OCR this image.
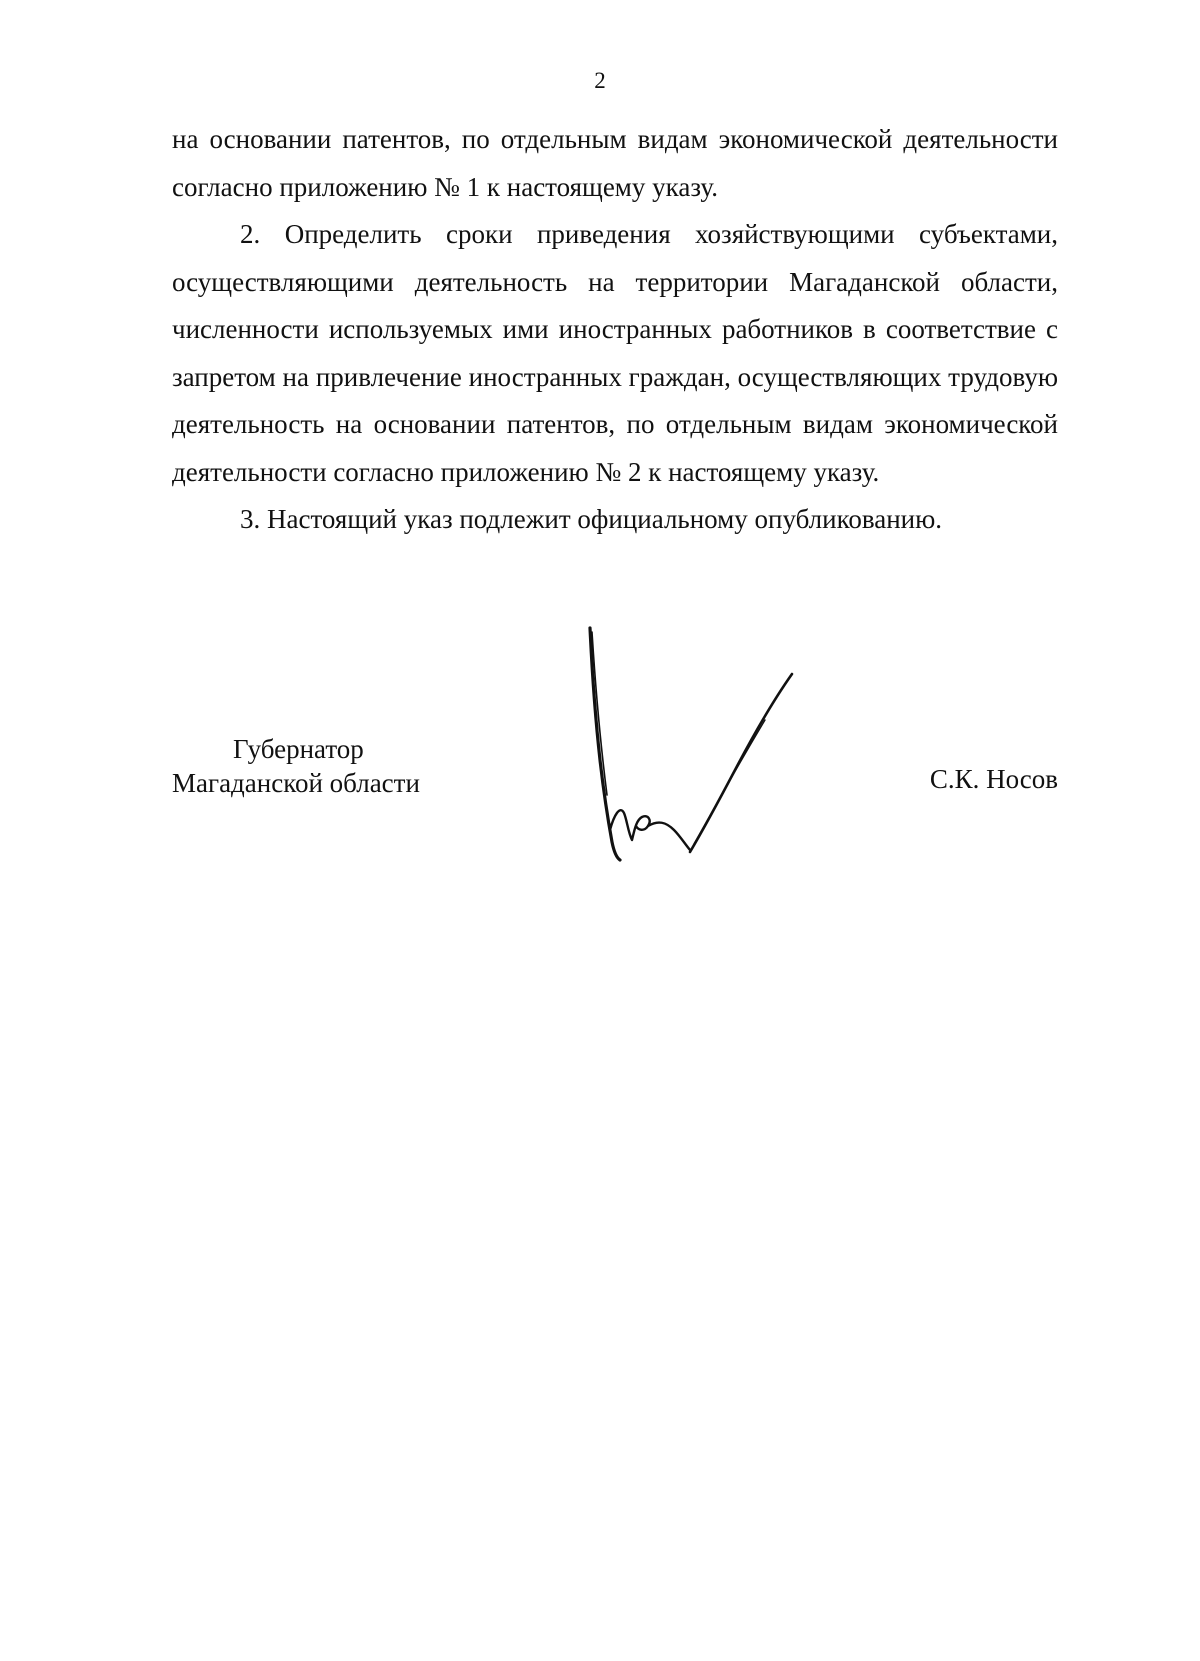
2

на основании патентов, по отдельным видам экономической деятельности согласно приложению № 1 к настоящему указу.

2. Определить сроки приведения хозяйствующими субъектами, осуществляющими деятельность на территории Магаданской области, численности используемых ими иностранных работников в соответствие с запретом на привлечение иностранных граждан, осуществляющих трудовую деятельность на основании патентов, по отдельным видам экономической деятельности согласно приложению № 2 к настоящему указу.

3. Настоящий указ подлежит официальному опубликованию.

Губернатор
Магаданской области	С.К. Носов
